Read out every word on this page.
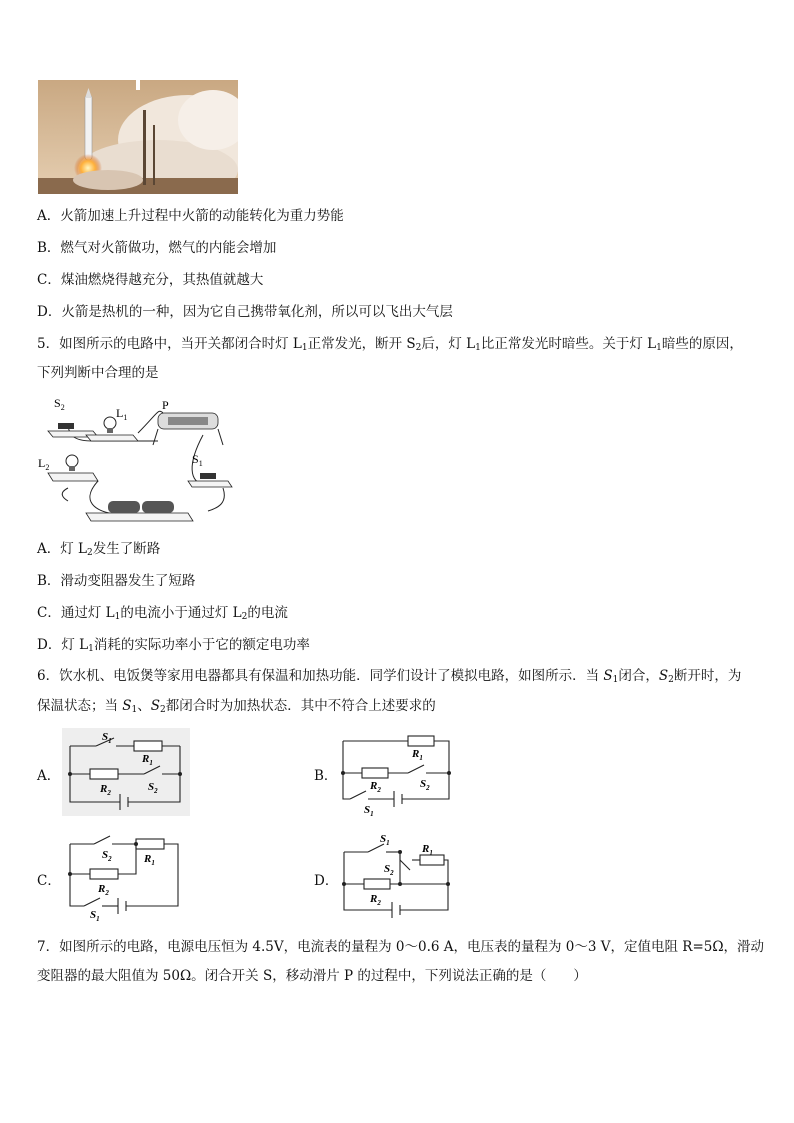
A．火箭加速上升过程中火箭的动能转化为重力势能
B．燃气对火箭做功，燃气的内能会增加
C．煤油燃烧得越充分，其热值就越大
D．火箭是热机的一种，因为它自己携带氧化剂，所以可以飞出大气层
5．如图所示的电路中，当开关都闭合时灯 $L_1$正常发光，断开 $S_2$后，灯 $L_1$比正常发光时暗些。关于灯 $L_1$暗些的原因，
下列判断中合理的是
$S_2$	$L_1$
P
$L_2$
$S_1$
A．灯 $L_2$发生了断路
B．滑动变阻器发生了短路
C．通过灯 $L_1$的电流小于通过灯 $L_2$的电流
D．灯 $L_1$消耗的实际功率小于它的额定电功率
6．饮水机、电饭煲等家用电器都具有保温和加热功能．同学们设计了模拟电路，如图所示．当 $S_1$闭合，$S_2$断开时，为
保温状态；当 $S_1$、$S_2$都闭合时为加热状态．其中不符合上述要求的
A．	B．
C．	D．
$S_1$
$R_1$
$R_2$	$S_2$
$R_1$
$R_2$	$S_2$
$S_1$
$S_2$	$R_1$
$R_2$
$S_1$
$S_1$
$S_2$
$R_1$
$R_2$
7．如图所示的电路，电源电压恒为 4.5V，电流表的量程为 0～0.6 A，电压表的量程为 0～3 V，定值电阻 R=5Ω，滑动
变阻器的最大阻值为 50Ω。闭合开关 S，移动滑片 P 的过程中，下列说法正确的是（　　）
